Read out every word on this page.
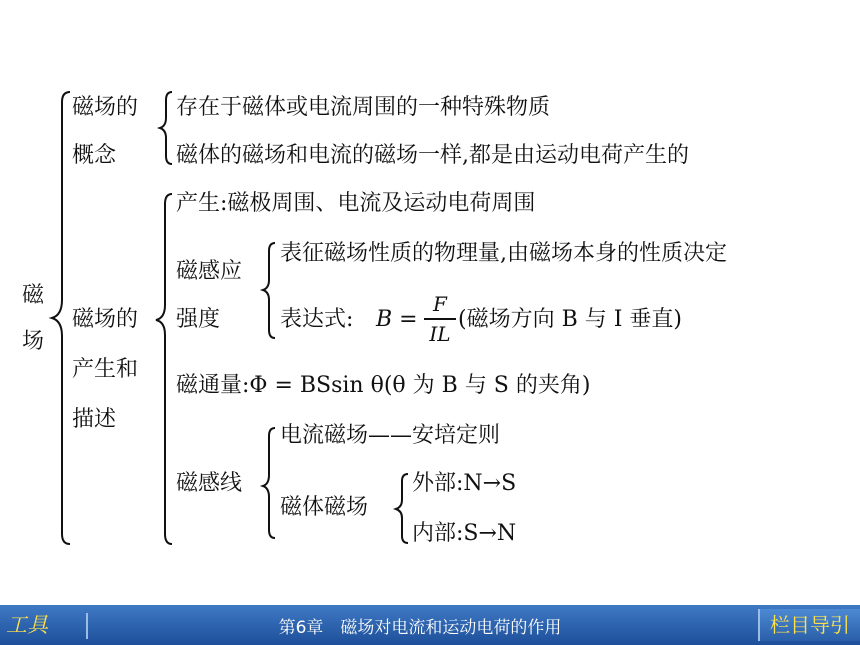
磁
场
磁场的
概念
存在于磁体或电流周围的一种特殊物质
磁体的磁场和电流的磁场一样,都是由运动电荷产生的
磁场的
产生和
描述
产生:磁极周围、电流及运动电荷周围
磁感应
强度
表征磁场性质的物理量,由磁场本身的性质决定
表达式: B =
F
IL
(磁场方向 B 与 I 垂直)
磁通量:Φ = BSsin θ(θ 为 B 与 S 的夹角)
磁感线
电流磁场——安培定则
磁体磁场
外部:N→S
内部:S→N
工具	第6章　磁场对电流和运动电荷的作用	栏目导引
